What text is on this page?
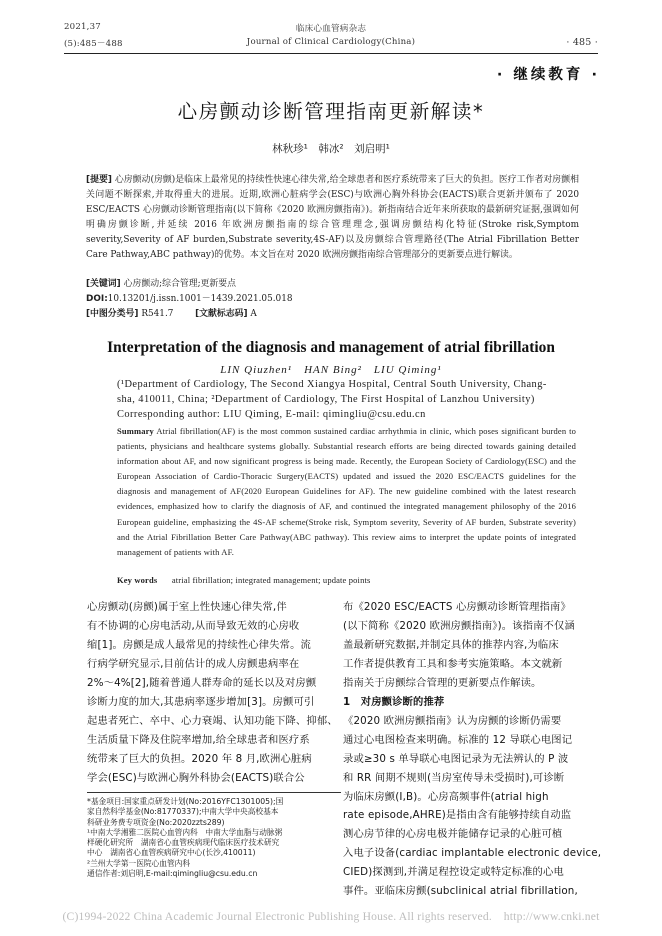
2021,37
(5):485－488
临床心血管病杂志
Journal of Clinical Cardiology(China)	· 485 ·
· 继续教育 ·
心房颤动诊断管理指南更新解读*
林秋珍¹　韩冰²　刘启明¹
[提要] 心房颤动(房颤)是临床上最常见的持续性快速心律失常,给全球患者和医疗系统带来了巨大的负担。医疗工作者对房颤相关问题不断探索,并取得重大的进展。近期,欧洲心脏病学会(ESC)与欧洲心胸外科协会(EACTS)联合更新并颁布了 2020 ESC/EACTS 心房颤动诊断管理指南(以下简称《2020 欧洲房颤指南》)。新指南结合近年来所获取的最新研究证据,强调如何明确房颤诊断,并延续 2016 年欧洲房颤指南的综合管理理念,强调房颤结构化特征(Stroke risk,Symptom severity,Severity of AF burden,Substrate severity,4S-AF)以及房颤综合管理路径(The Atrial Fibrillation Better Care Pathway,ABC pathway)的优势。本文旨在对 2020 欧洲房颤指南综合管理部分的更新要点进行解读。
[关键词] 心房颤动;综合管理;更新要点
DOI:10.13201/j.issn.1001－1439.2021.05.018
[中图分类号] R541.7 [文献标志码] A
Interpretation of the diagnosis and management of atrial fibrillation
LIN Qiuzhen¹　HAN Bing²　LIU Qiming¹
(¹Department of Cardiology, The Second Xiangya Hospital, Central South University, Chang-
sha, 410011, China; ²Department of Cardiology, The First Hospital of Lanzhou University)
Corresponding author: LIU Qiming, E-mail: qimingliu@csu.edu.cn
Summary Atrial fibrillation(AF) is the most common sustained cardiac arrhythmia in clinic, which poses significant burden to patients, physicians and healthcare systems globally. Substantial research efforts are being directed towards gaining detailed information about AF, and now significant progress is being made. Recently, the European Society of Cardiology(ESC) and the European Association of Cardio-Thoracic Surgery(EACTS) updated and issued the 2020 ESC/EACTS guidelines for the diagnosis and management of AF(2020 European Guidelines for AF). The new guideline combined with the latest research evidences, emphasized how to clarify the diagnosis of AF, and continued the integrated management philosophy of the 2016 European guideline, emphasizing the 4S-AF scheme(Stroke risk, Symptom severity, Severity of AF burden, Substrate severity) and the Atrial Fibrillation Better Care Pathway(ABC pathway). This review aims to interpret the update points of integrated management of patients with AF.
Key words atrial fibrillation; integrated management; update points
心房颤动(房颤)属于室上性快速心律失常,伴
有不协调的心房电活动,从而导致无效的心房收
缩[1]。房颤是成人最常见的持续性心律失常。流
行病学研究显示,目前估计的成人房颤患病率在
2%～4%[2],随着普通人群寿命的延长以及对房颤
诊断力度的加大,其患病率逐步增加[3]。房颤可引
起患者死亡、卒中、心力衰竭、认知功能下降、抑郁、
生活质量下降及住院率增加,给全球患者和医疗系
统带来了巨大的负担。2020 年 8 月,欧洲心脏病
学会(ESC)与欧洲心胸外科协会(EACTS)联合公
*基金项目:国家重点研发计划(No:2016YFC1301005);国
家自然科学基金(No:81770337);中南大学中央高校基本
科研业务费专项资金(No:2020zzts289)
¹中南大学湘雅二医院心血管内科　中南大学血脂与动脉粥
样硬化研究所　湖南省心血管疾病现代临床医疗技术研究
中心　湖南省心血管疾病研究中心(长沙,410011)
²兰州大学第一医院心血管内科
通信作者:刘启明,E-mail:qimingliu@csu.edu.cn
布《2020 ESC/EACTS 心房颤动诊断管理指南》
(以下简称《2020 欧洲房颤指南》)。该指南不仅涵
盖最新研究数据,并制定具体的推荐内容,为临床
工作者提供教育工具和参考实施策略。本文就新
指南关于房颤综合管理的更新要点作解读。
1　对房颤诊断的推荐
《2020 欧洲房颤指南》认为房颤的诊断仍需要
通过心电图检查来明确。标准的 12 导联心电图记
录或≥30 s 单导联心电图记录为无法辨认的 P 波
和 RR 间期不规则(当房室传导未受损时),可诊断
为临床房颤(Ⅰ,B)。心房高频事件(atrial high
rate episode,AHRE)是指由含有能够持续自动监
测心房节律的心房电极并能储存记录的心脏可植
入电子设备(cardiac implantable electronic device,
CIED)探测到,并满足程控设定或特定标准的心电
事件。亚临床房颤(subclinical atrial fibrillation,
(C)1994-2022 China Academic Journal Electronic Publishing House. All rights reserved.　http://www.cnki.net
